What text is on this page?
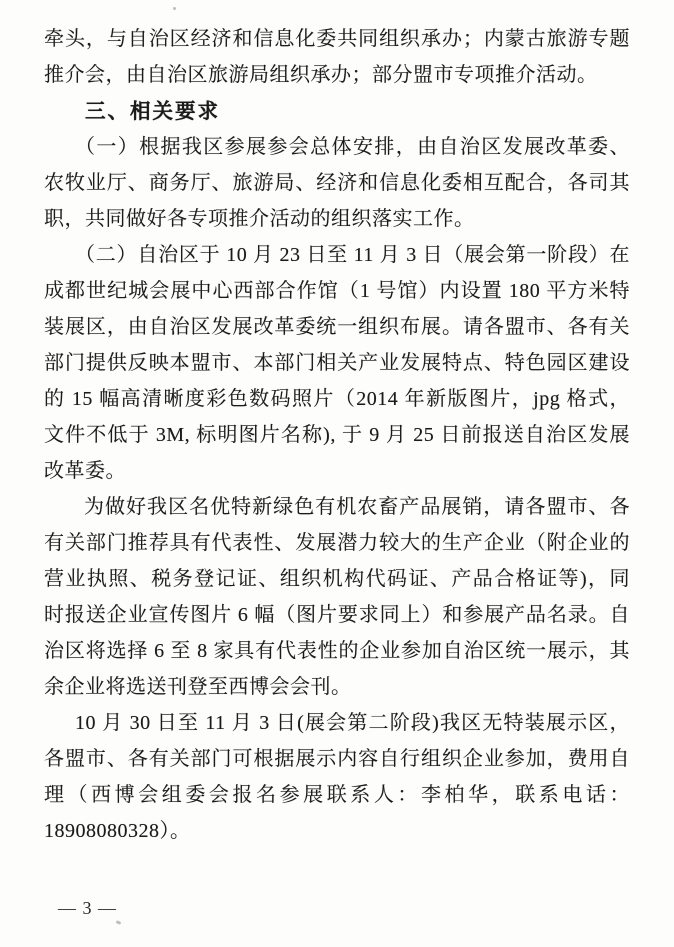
牵头，与自治区经济和信息化委共同组织承办；内蒙古旅游专题
推介会，由自治区旅游局组织承办；部分盟市专项推介活动。
三、相关要求
（一）根据我区参展参会总体安排，由自治区发展改革委、
农牧业厅、商务厅、旅游局、经济和信息化委相互配合，各司其
职，共同做好各专项推介活动的组织落实工作。
（二）自治区于 10 月 23 日至 11 月 3 日（展会第一阶段）在
成都世纪城会展中心西部合作馆（1 号馆）内设置 180 平方米特
装展区，由自治区发展改革委统一组织布展。请各盟市、各有关
部门提供反映本盟市、本部门相关产业发展特点、特色园区建设
的 15 幅高清晰度彩色数码照片（2014 年新版图片，jpg 格式，
文件不低于 3M, 标明图片名称), 于 9 月 25 日前报送自治区发展
改革委。
为做好我区名优特新绿色有机农畜产品展销，请各盟市、各
有关部门推荐具有代表性、发展潜力较大的生产企业（附企业的
营业执照、税务登记证、组织机构代码证、产品合格证等)，同
时报送企业宣传图片 6 幅（图片要求同上）和参展产品名录。自
治区将选择 6 至 8 家具有代表性的企业参加自治区统一展示，其
余企业将选送刊登至西博会会刊。
10 月 30 日至 11 月 3 日(展会第二阶段)我区无特装展示区，
各盟市、各有关部门可根据展示内容自行组织企业参加，费用自
理（西博会组委会报名参展联系人：李柏华，联系电话：
18908080328）。
— 3 —
